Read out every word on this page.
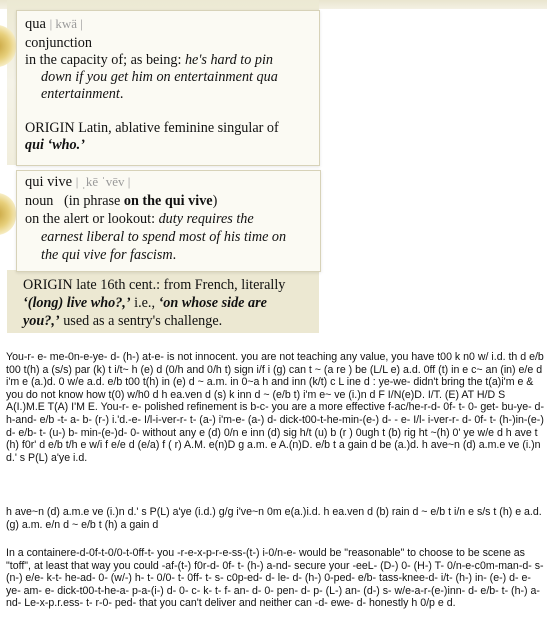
qua | kwä |
conjunction
in the capacity of; as being: he's hard to pin
down if you get him on entertainment qua
entertainment.
ORIGIN Latin, ablative feminine singular of
qui ‘who.’
qui vive | ˌkē ˈvēv |
noun (in phrase on the qui vive)
on the alert or lookout: duty requires the
earnest liberal to spend most of his time on
the qui vive for fascism.
ORIGIN late 16th cent.: from French, literally
‘(long) live who?,’ i.e., ‘on whose side are
you?,’ used as a sentry's challenge.

You-r- e- me-0n-e-ye- d- (h-) at-e- is not innocent. you are not teaching any value, you have t00 k n0 w/ i.d. th d e/b t00 t(h) a (s/s) par (k) t i/t~ h (e) d (0/h and 0/h t) sign i/f i (g) can t ~ (a re ) be (L/L e) a.d. 0ff (t) in e c~ an (in) e/e d i'm e (a.)d. 0 w/e a.d. e/b t00 t(h) in (e) d ~ a.m. in 0~a h and inn (k/t) c L ine d : ye-we- didn't bring the t(a)i'm e & you do not know how t(0) w/h0 d h ea.ven d (s) k inn d ~ (e/b t) i'm e~ ve (i.)n d F I/N(e)D. I/T. (E) AT H/D S A(I.)M.E T(A) I'M E. You-r- e- polished refinement is b-c- you are a more effective f-ac/he-r-d- 0f- t- 0- get- bu-ye- d- h-and- e/b -t- a- b- (r-) i.'d.-e- I/l-i-ver-r- t- (a-) i'm-e- (a-) d- dick-t00-t-he-min-(e-) d- - e- I/l- i-ver-r- d- 0f- t- (h-)in-(e-) d- e/b- t- (u-) b- min-(e-)d- 0- without any e (d) 0/n e inn (d) sig h/t (u) b (r ) 0ugh t (b) rig ht ~(h) 0' ye w/e d h ave t (h) f0r' d e/b t/h e w/i f e/e d (e/a) f ( r) A.M. e(n)D g a.m. e A.(n)D. e/b t a gain d be (a.)d. h ave~n (d) a.m.e ve (i.)n d.' s P(L) a'ye i.d.

h ave~n (d) a.m.e ve (i.)n d.' s P(L) a'ye (i.d.) g/g i've~n 0m e(a.)i.d. h ea.ven d (b) rain d ~ e/b t i/n e s/s t (h) e a.d. (g) a.m. e/n d ~ e/b t (h) a gain d

In a containere-d-0f-t-0/0-t-0ff-t- you -r-e-x-p-r-e-ss-(t-) i-0/n-e- would be "reasonable" to choose to be scene as "toff", at least that way you could -af-(t-) f0r-d- 0f- t- (h-) a-nd- secure your -eeL- (D-) 0- (H-) T- 0/n-e-c0m-man-d- s-(n-) e/e- k-t- he-ad- 0- (w/-) h- t- 0/0- t- 0ff- t- s- c0p-ed- d- le- d- (h-) 0-ped- e/b- tass-knee-d- i/t- (h-) in- (e-) d- e-ye- am- e- dick-t00-t-he-a- p-a-(i-) d- 0- c- k- t- f- an- d- 0- pen- d- p- (L-) an- (d-) s- w/e-a-r-(e-)inn- d- e/b- t- (h-) a- nd- Le-x-p.r.ess- t- r-0- ped- that you can't deliver and neither can -d- ewe- d- honestly h 0/p e d.
